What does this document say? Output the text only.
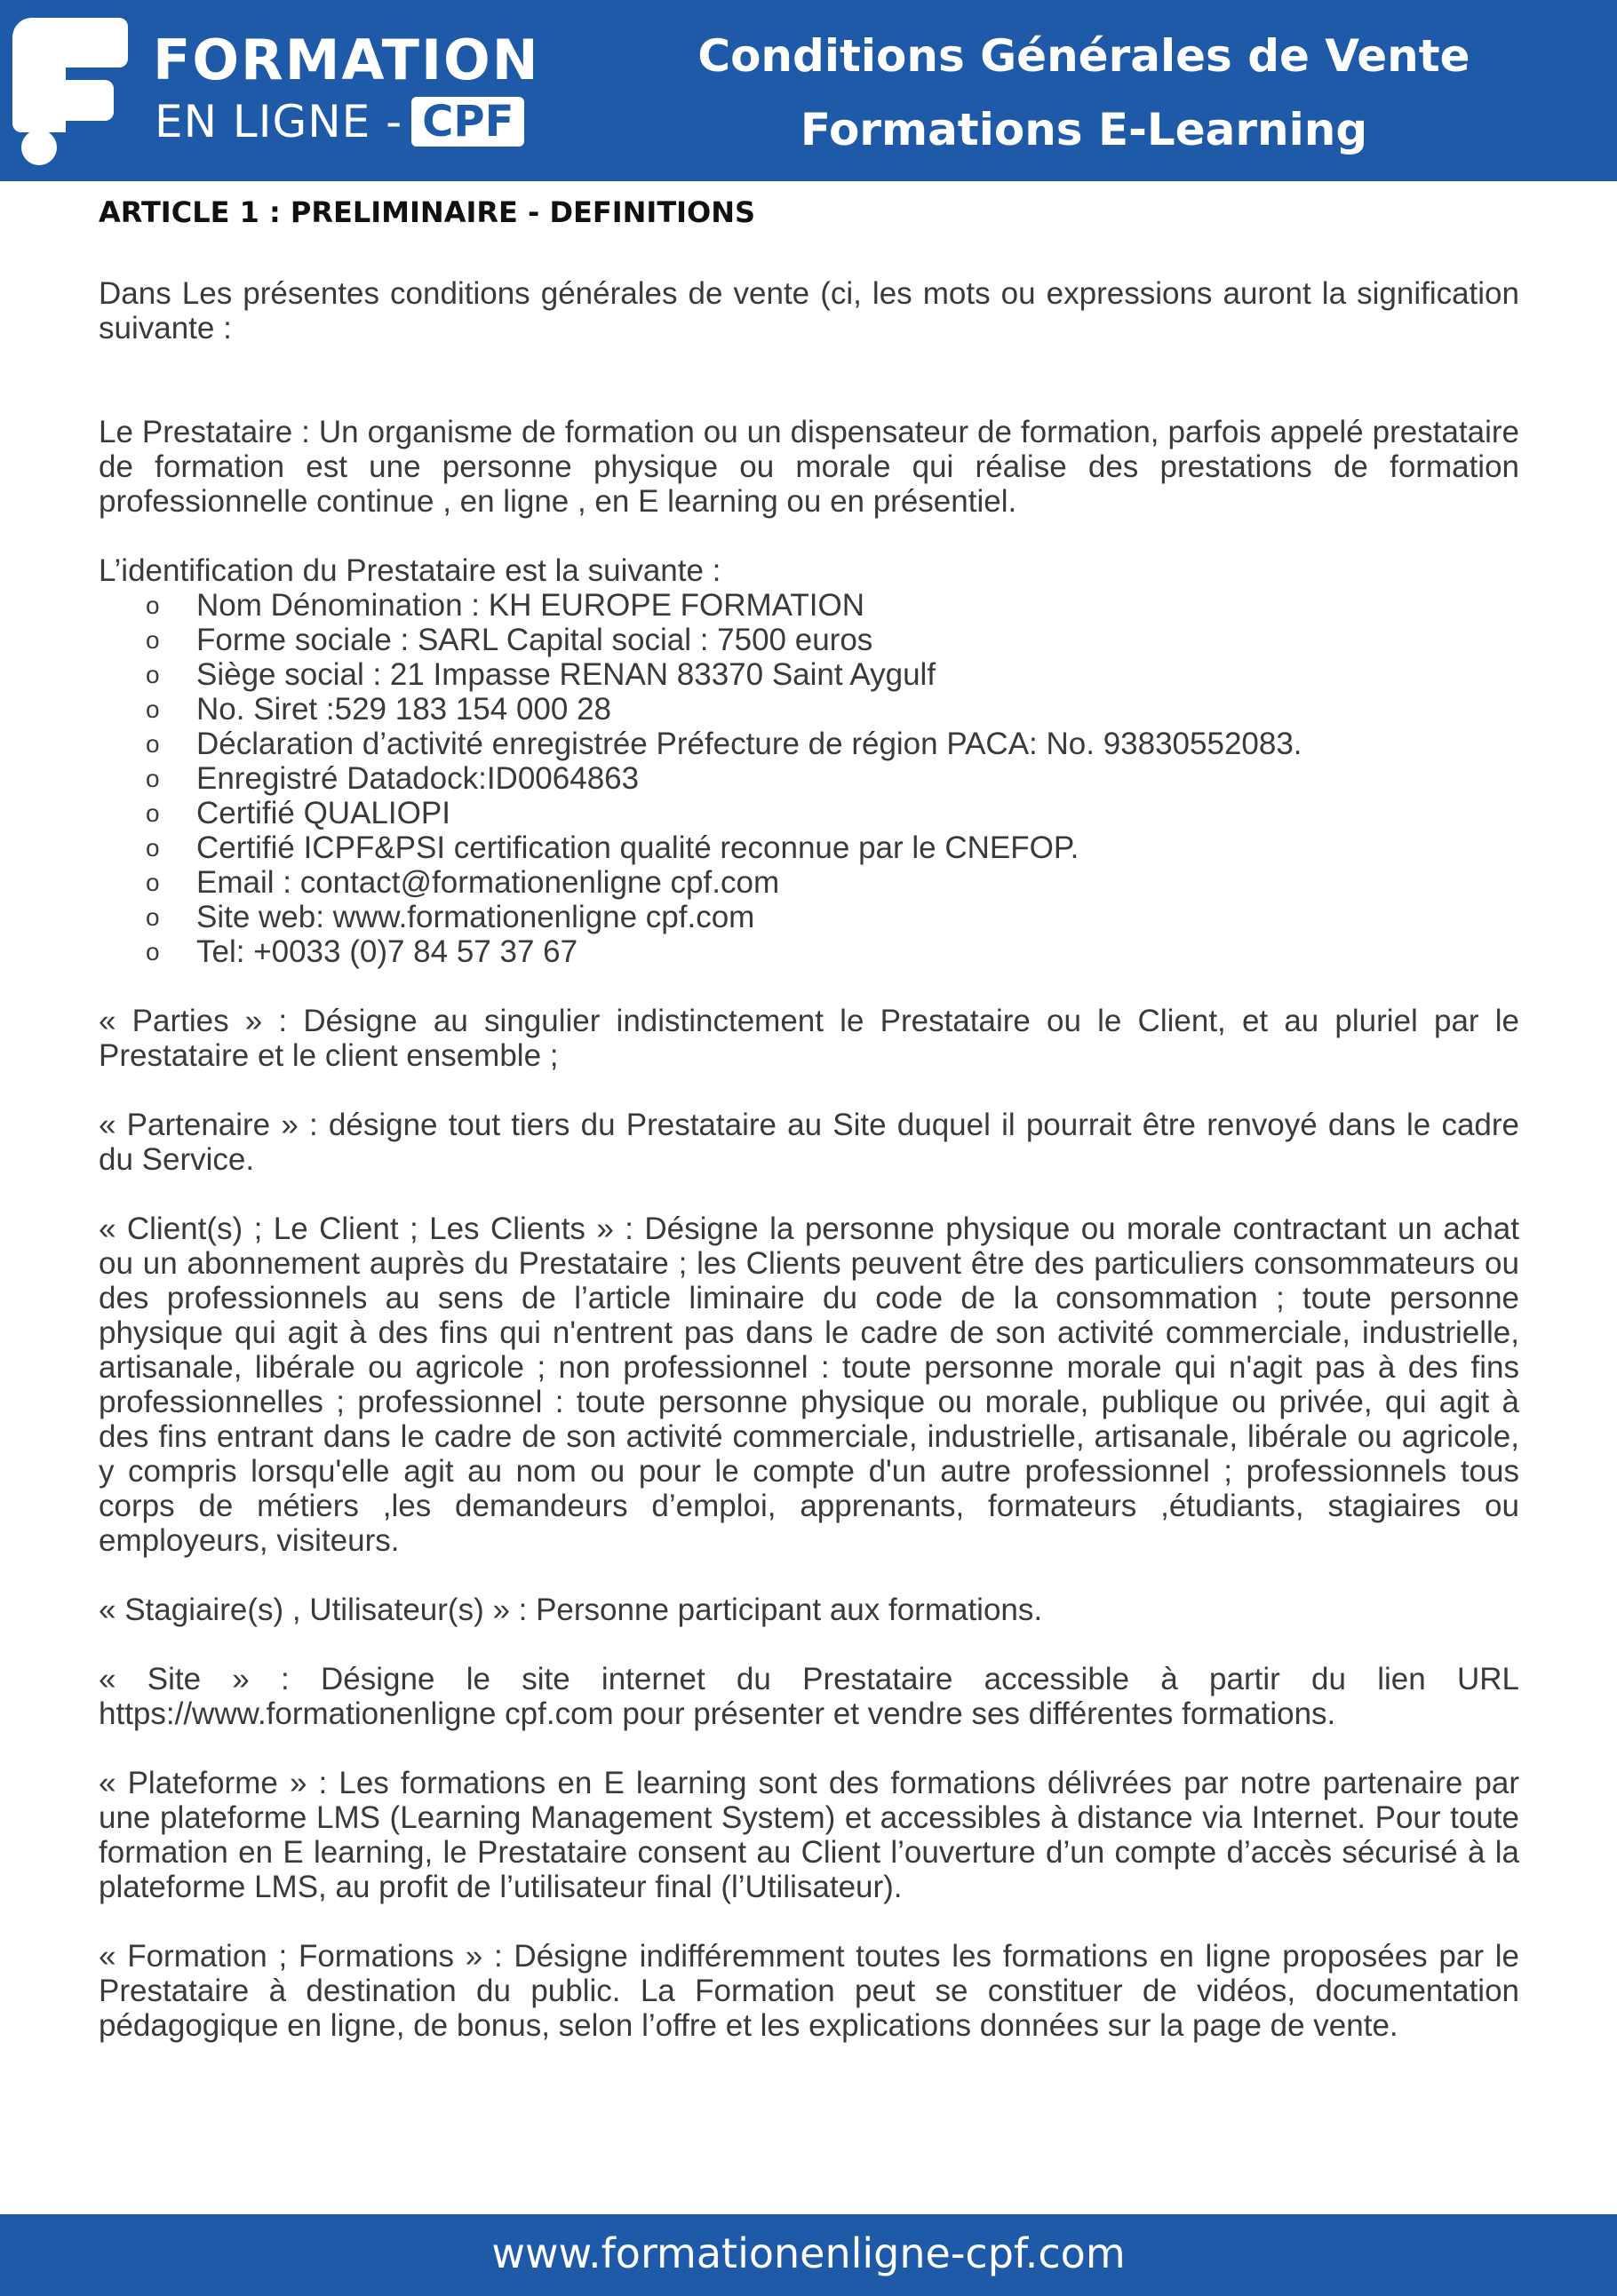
FORMATION
EN LIGNE - CPF
Conditions Générales de Vente
Formations E-Learning
ARTICLE 1 : PRELIMINAIRE - DEFINITIONS

Dans Les présentes conditions générales de vente (ci, les mots ou expressions auront la signification suivante :

Le Prestataire : Un organisme de formation ou un dispensateur de formation, parfois appelé prestataire de formation est une personne physique ou morale qui réalise des prestations de formation professionnelle continue , en ligne , en E learning ou en présentiel.

L’identification du Prestataire est la suivante :

o Nom Dénomination : KH EUROPE FORMATION
o Forme sociale : SARL Capital social : 7500 euros
o Siège social : 21 Impasse RENAN 83370 Saint Aygulf
o No. Siret :529 183 154 000 28
o Déclaration d’activité enregistrée Préfecture de région PACA: No. 93830552083.
o Enregistré Datadock:ID0064863
o Certifié QUALIOPI
o Certifié ICPF&PSI certification qualité reconnue par le CNEFOP.
o Email : contact@formationenligne cpf.com
o Site web: www.formationenligne cpf.com
o Tel: +0033 (0)7 84 57 37 67

« Parties » : Désigne au singulier indistinctement le Prestataire ou le Client, et au pluriel par le Prestataire et le client ensemble ;

« Partenaire » : désigne tout tiers du Prestataire au Site duquel il pourrait être renvoyé dans le cadre du Service.

« Client(s) ; Le Client ; Les Clients » : Désigne la personne physique ou morale contractant un achat ou un abonnement auprès du Prestataire ; les Clients peuvent être des particuliers consommateurs ou des professionnels au sens de l’article liminaire du code de la consommation ; toute personne physique qui agit à des fins qui n'entrent pas dans le cadre de son activité commerciale, industrielle, artisanale, libérale ou agricole ; non professionnel : toute personne morale qui n'agit pas à des fins professionnelles ; professionnel : toute personne physique ou morale, publique ou privée, qui agit à des fins entrant dans le cadre de son activité commerciale, industrielle, artisanale, libérale ou agricole, y compris lorsqu'elle agit au nom ou pour le compte d'un autre professionnel ; professionnels tous corps de métiers ,les demandeurs d’emploi, apprenants, formateurs ,étudiants, stagiaires ou employeurs, visiteurs.

« Stagiaire(s) , Utilisateur(s) » : Personne participant aux formations.

« Site » : Désigne le site internet du Prestataire accessible à partir du lien URL https://www.formationenligne cpf.com pour présenter et vendre ses différentes formations.

« Plateforme » : Les formations en E learning sont des formations délivrées par notre partenaire par une plateforme LMS (Learning Management System) et accessibles à distance via Internet. Pour toute formation en E learning, le Prestataire consent au Client l’ouverture d’un compte d’accès sécurisé à la plateforme LMS, au profit de l’utilisateur final (l’Utilisateur).

« Formation ; Formations » : Désigne indifféremment toutes les formations en ligne proposées par le Prestataire à destination du public. La Formation peut se constituer de vidéos, documentation pédagogique en ligne, de bonus, selon l’offre et les explications données sur la page de vente.

www.formationenligne-cpf.com
